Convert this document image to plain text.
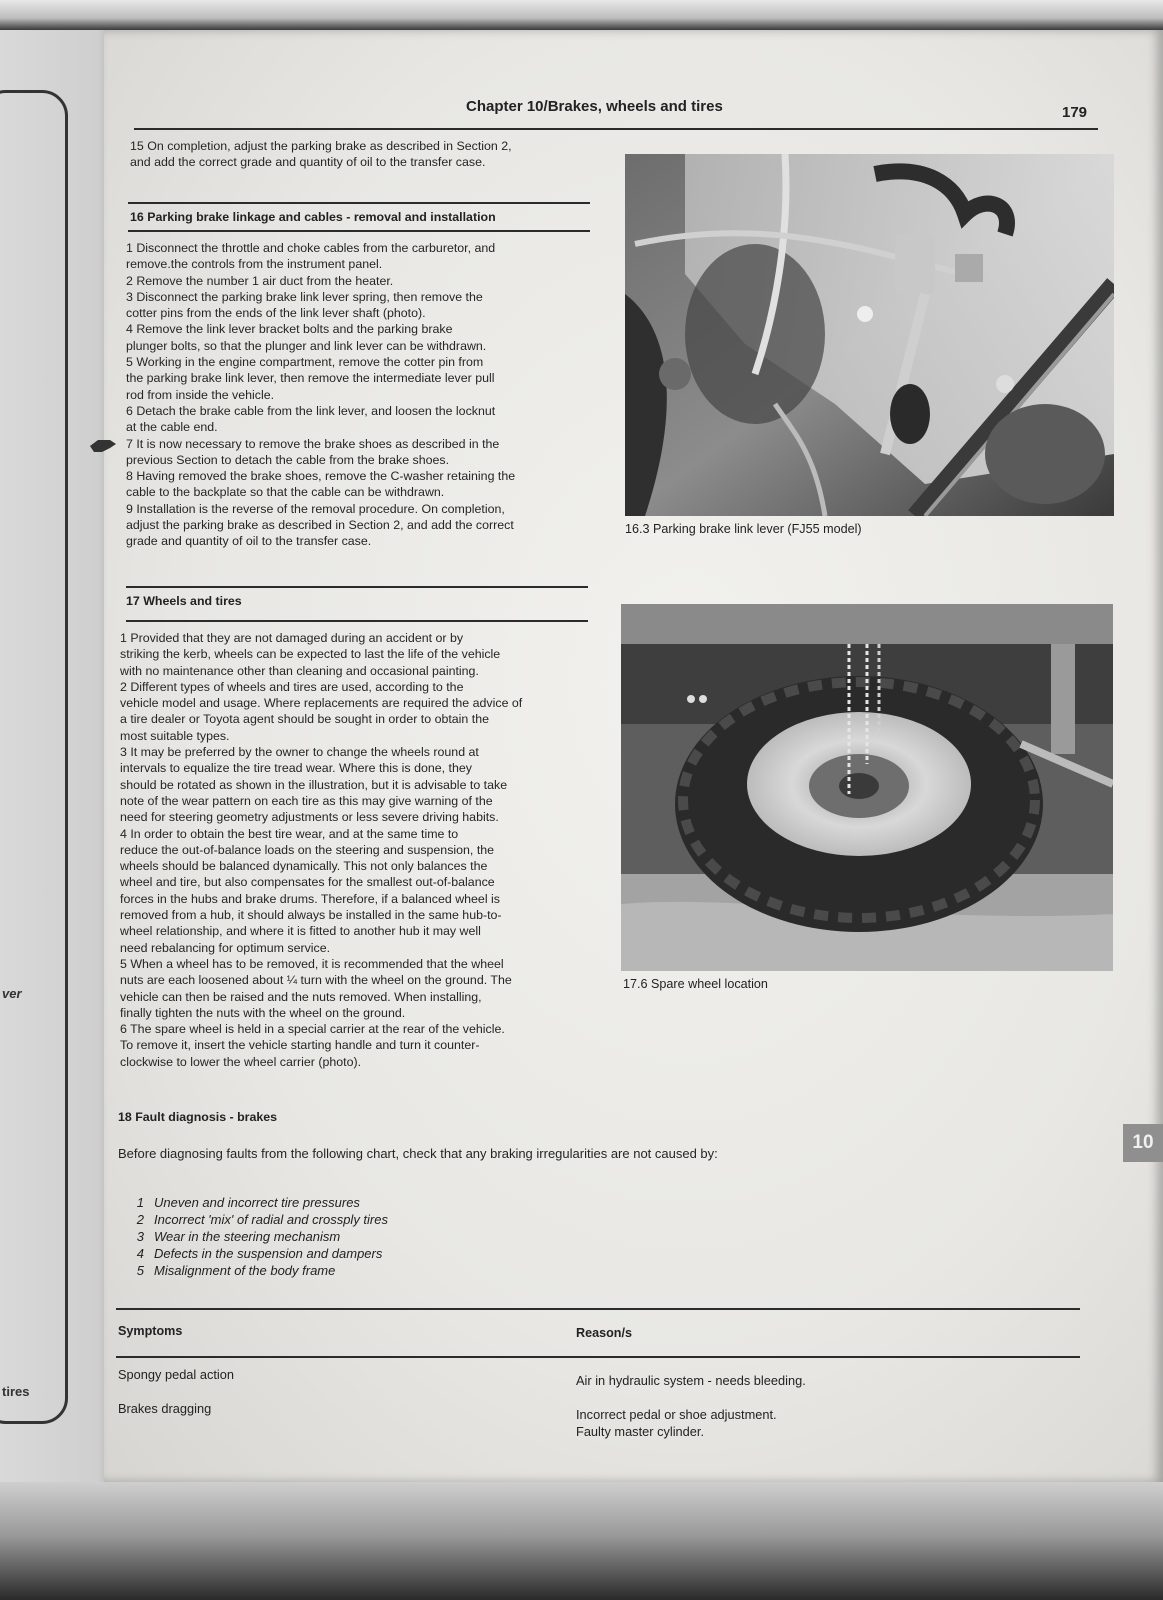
ver
tires
Chapter 10/Brakes, wheels and tires	179

15 On completion, adjust the parking brake as described in Section 2,

and add the correct grade and quantity of oil to the transfer case.

16 Parking brake linkage and cables - removal and installation

1 Disconnect the throttle and choke cables from the carburetor, and

remove.the controls from the instrument panel.

2 Remove the number 1 air duct from the heater.

3 Disconnect the parking brake link lever spring, then remove the

cotter pins from the ends of the link lever shaft (photo).

4 Remove the link lever bracket bolts and the parking brake

plunger bolts, so that the plunger and link lever can be withdrawn.

5 Working in the engine compartment, remove the cotter pin from

the parking brake link lever, then remove the intermediate lever pull

rod from inside the vehicle.

6 Detach the brake cable from the link lever, and loosen the locknut

at the cable end.

7 It is now necessary to remove the brake shoes as described in the

previous Section to detach the cable from the brake shoes.

8 Having removed the brake shoes, remove the C-washer retaining the

cable to the backplate so that the cable can be withdrawn.

9 Installation is the reverse of the removal procedure. On completion,

adjust the parking brake as described in Section 2, and add the correct

grade and quantity of oil to the transfer case.

17 Wheels and tires

1 Provided that they are not damaged during an accident or by

striking the kerb, wheels can be expected to last the life of the vehicle

with no maintenance other than cleaning and occasional painting.

2 Different types of wheels and tires are used, according to the

vehicle model and usage. Where replacements are required the advice of

a tire dealer or Toyota agent should be sought in order to obtain the

most suitable types.

3 It may be preferred by the owner to change the wheels round at

intervals to equalize the tire tread wear. Where this is done, they

should be rotated as shown in the illustration, but it is advisable to take

note of the wear pattern on each tire as this may give warning of the

need for steering geometry adjustments or less severe driving habits.

4 In order to obtain the best tire wear, and at the same time to

reduce the out-of-balance loads on the steering and suspension, the

wheels should be balanced dynamically. This not only balances the

wheel and tire, but also compensates for the smallest out-of-balance

forces in the hubs and brake drums. Therefore, if a balanced wheel is

removed from a hub, it should always be installed in the same hub-to-

wheel relationship, and where it is fitted to another hub it may well

need rebalancing for optimum service.

5 When a wheel has to be removed, it is recommended that the wheel

nuts are each loosened about ¼ turn with the wheel on the ground. The

vehicle can then be raised and the nuts removed. When installing,

finally tighten the nuts with the wheel on the ground.

6 The spare wheel is held in a special carrier at the rear of the vehicle.

To remove it, insert the vehicle starting handle and turn it counter-

clockwise to lower the wheel carrier (photo).

16.3 Parking brake link lever (FJ55 model)
17.6 Spare wheel location
18 Fault diagnosis - brakes
Before diagnosing faults from the following chart, check that any braking irregularities are not caused by:
1 Uneven and incorrect tire pressures
2 Incorrect 'mix' of radial and crossply tires
3 Wear in the steering mechanism
4 Defects in the suspension and dampers
5 Misalignment of the body frame
Symptoms	Reason/s
Spongy pedal action	Air in hydraulic system - needs bleeding.
Brakes dragging	Incorrect pedal or shoe adjustment.
Faulty master cylinder.
10
